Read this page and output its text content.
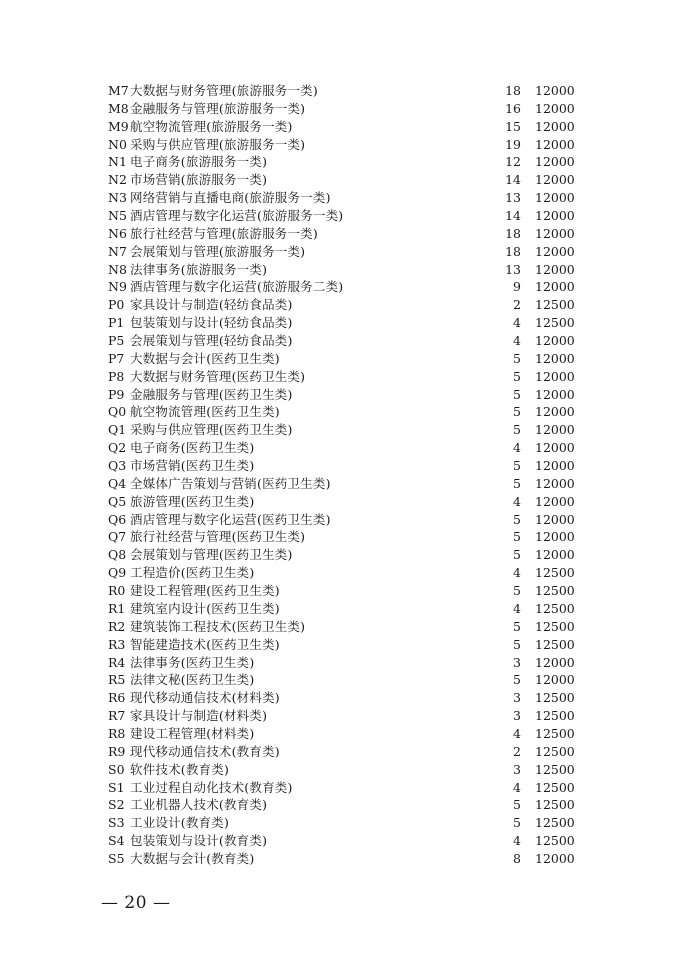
M7 大数据与财务管理(旅游服务一类)	18 12000
M8 金融服务与管理(旅游服务一类)	16 12000
M9 航空物流管理(旅游服务一类)	15 12000
N0 采购与供应管理(旅游服务一类)	19 12000
N1 电子商务(旅游服务一类)	12 12000
N2 市场营销(旅游服务一类)	14 12000
N3 网络营销与直播电商(旅游服务一类)	13 12000
N5 酒店管理与数字化运营(旅游服务一类)	14 12000
N6 旅行社经营与管理(旅游服务一类)	18 12000
N7 会展策划与管理(旅游服务一类)	18 12000
N8 法律事务(旅游服务一类)	13 12000
N9 酒店管理与数字化运营(旅游服务二类)	9 12000
P0 家具设计与制造(轻纺食品类)	2 12500
P1 包装策划与设计(轻纺食品类)	4 12500
P5 会展策划与管理(轻纺食品类)	4 12000
P7 大数据与会计(医药卫生类)	5 12000
P8 大数据与财务管理(医药卫生类)	5 12000
P9 金融服务与管理(医药卫生类)	5 12000
Q0 航空物流管理(医药卫生类)	5 12000
Q1 采购与供应管理(医药卫生类)	5 12000
Q2 电子商务(医药卫生类)	4 12000
Q3 市场营销(医药卫生类)	5 12000
Q4 全媒体广告策划与营销(医药卫生类)	5 12000
Q5 旅游管理(医药卫生类)	4 12000
Q6 酒店管理与数字化运营(医药卫生类)	5 12000
Q7 旅行社经营与管理(医药卫生类)	5 12000
Q8 会展策划与管理(医药卫生类)	5 12000
Q9 工程造价(医药卫生类)	4 12500
R0 建设工程管理(医药卫生类)	5 12500
R1 建筑室内设计(医药卫生类)	4 12500
R2 建筑装饰工程技术(医药卫生类)	5 12500
R3 智能建造技术(医药卫生类)	5 12500
R4 法律事务(医药卫生类)	3 12000
R5 法律文秘(医药卫生类)	5 12000
R6 现代移动通信技术(材料类)	3 12500
R7 家具设计与制造(材料类)	3 12500
R8 建设工程管理(材料类)	4 12500
R9 现代移动通信技术(教育类)	2 12500
S0 软件技术(教育类)	3 12500
S1 工业过程自动化技术(教育类)	4 12500
S2 工业机器人技术(教育类)	5 12500
S3 工业设计(教育类)	5 12500
S4 包装策划与设计(教育类)	4 12500
S5 大数据与会计(教育类)	8 12000
— 20 —
